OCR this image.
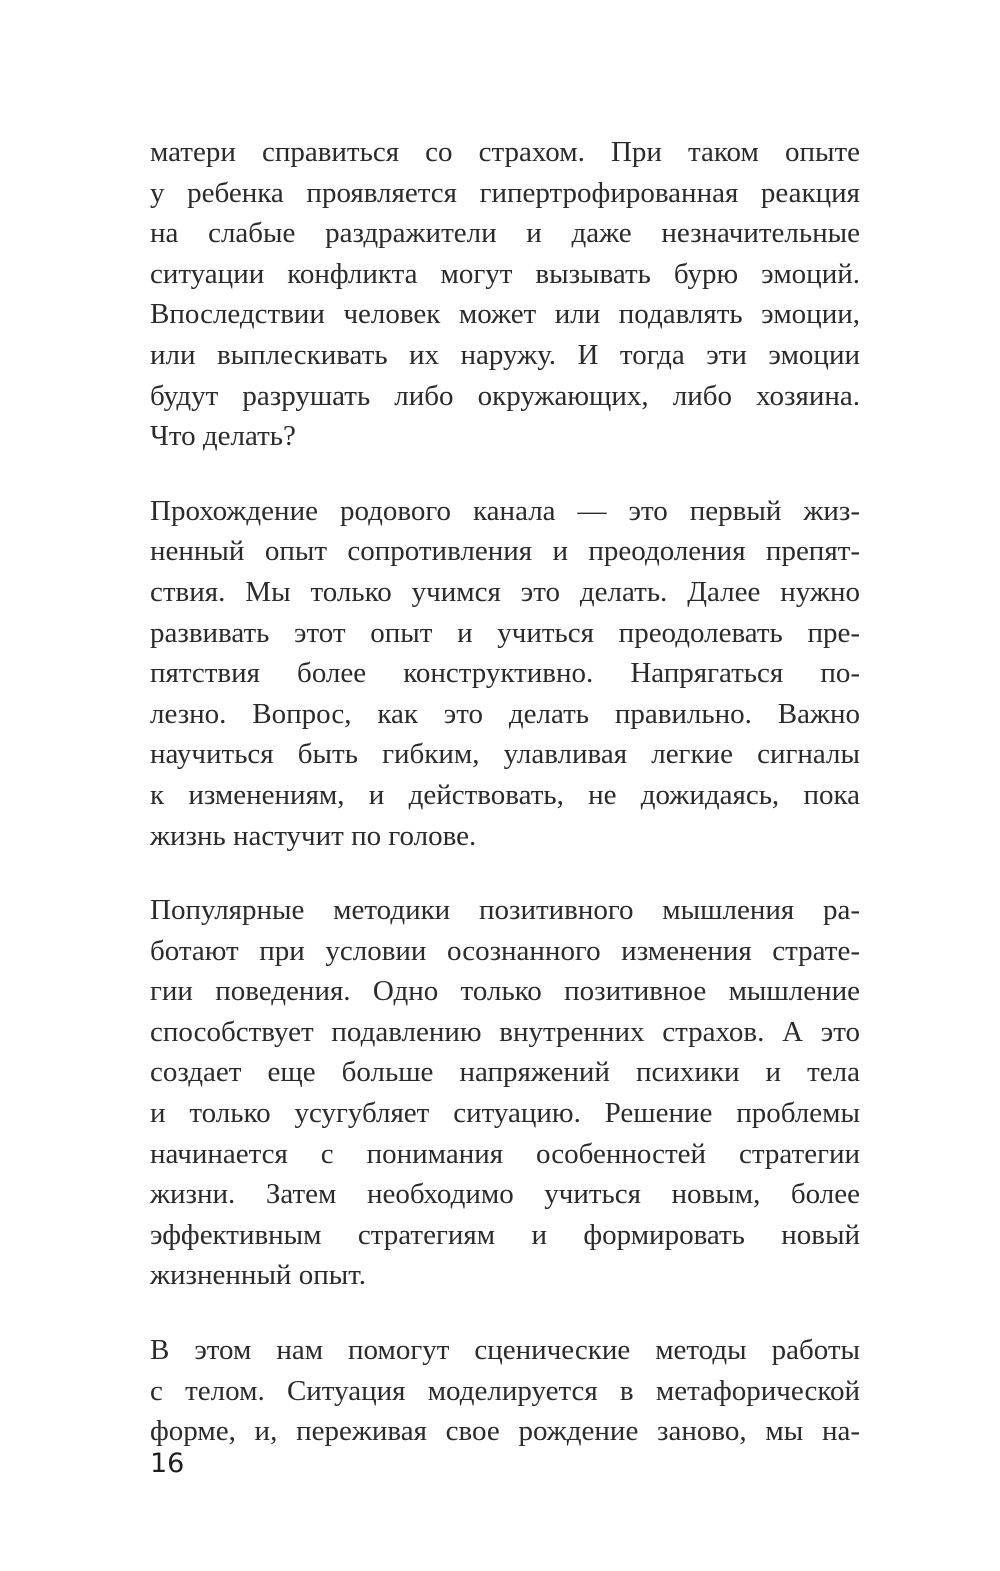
матери справиться со страхом. При таком опыте
у ребенка проявляется гипертрофированная реакция
на слабые раздражители и даже незначительные
ситуации конфликта могут вызывать бурю эмоций.
Впоследствии человек может или подавлять эмоции,
или выплескивать их наружу. И тогда эти эмоции
будут разрушать либо окружающих, либо хозяина.
Что делать?

Прохождение родового канала — это первый жиз-
ненный опыт сопротивления и преодоления препят-
ствия. Мы только учимся это делать. Далее нужно
развивать этот опыт и учиться преодолевать пре-
пятствия более конструктивно. Напрягаться по-
лезно. Вопрос, как это делать правильно. Важно
научиться быть гибким, улавливая легкие сигналы
к изменениям, и действовать, не дожидаясь, пока
жизнь настучит по голове.

Популярные методики позитивного мышления ра-
ботают при условии осознанного изменения страте-
гии поведения. Одно только позитивное мышление
способствует подавлению внутренних страхов. А это
создает еще больше напряжений психики и тела
и только усугубляет ситуацию. Решение проблемы
начинается с понимания особенностей стратегии
жизни. Затем необходимо учиться новым, более
эффективным стратегиям и формировать новый
жизненный опыт.

В этом нам помогут сценические методы работы
с телом. Ситуация моделируется в метафорической
форме, и, переживая свое рождение заново, мы на-

16
